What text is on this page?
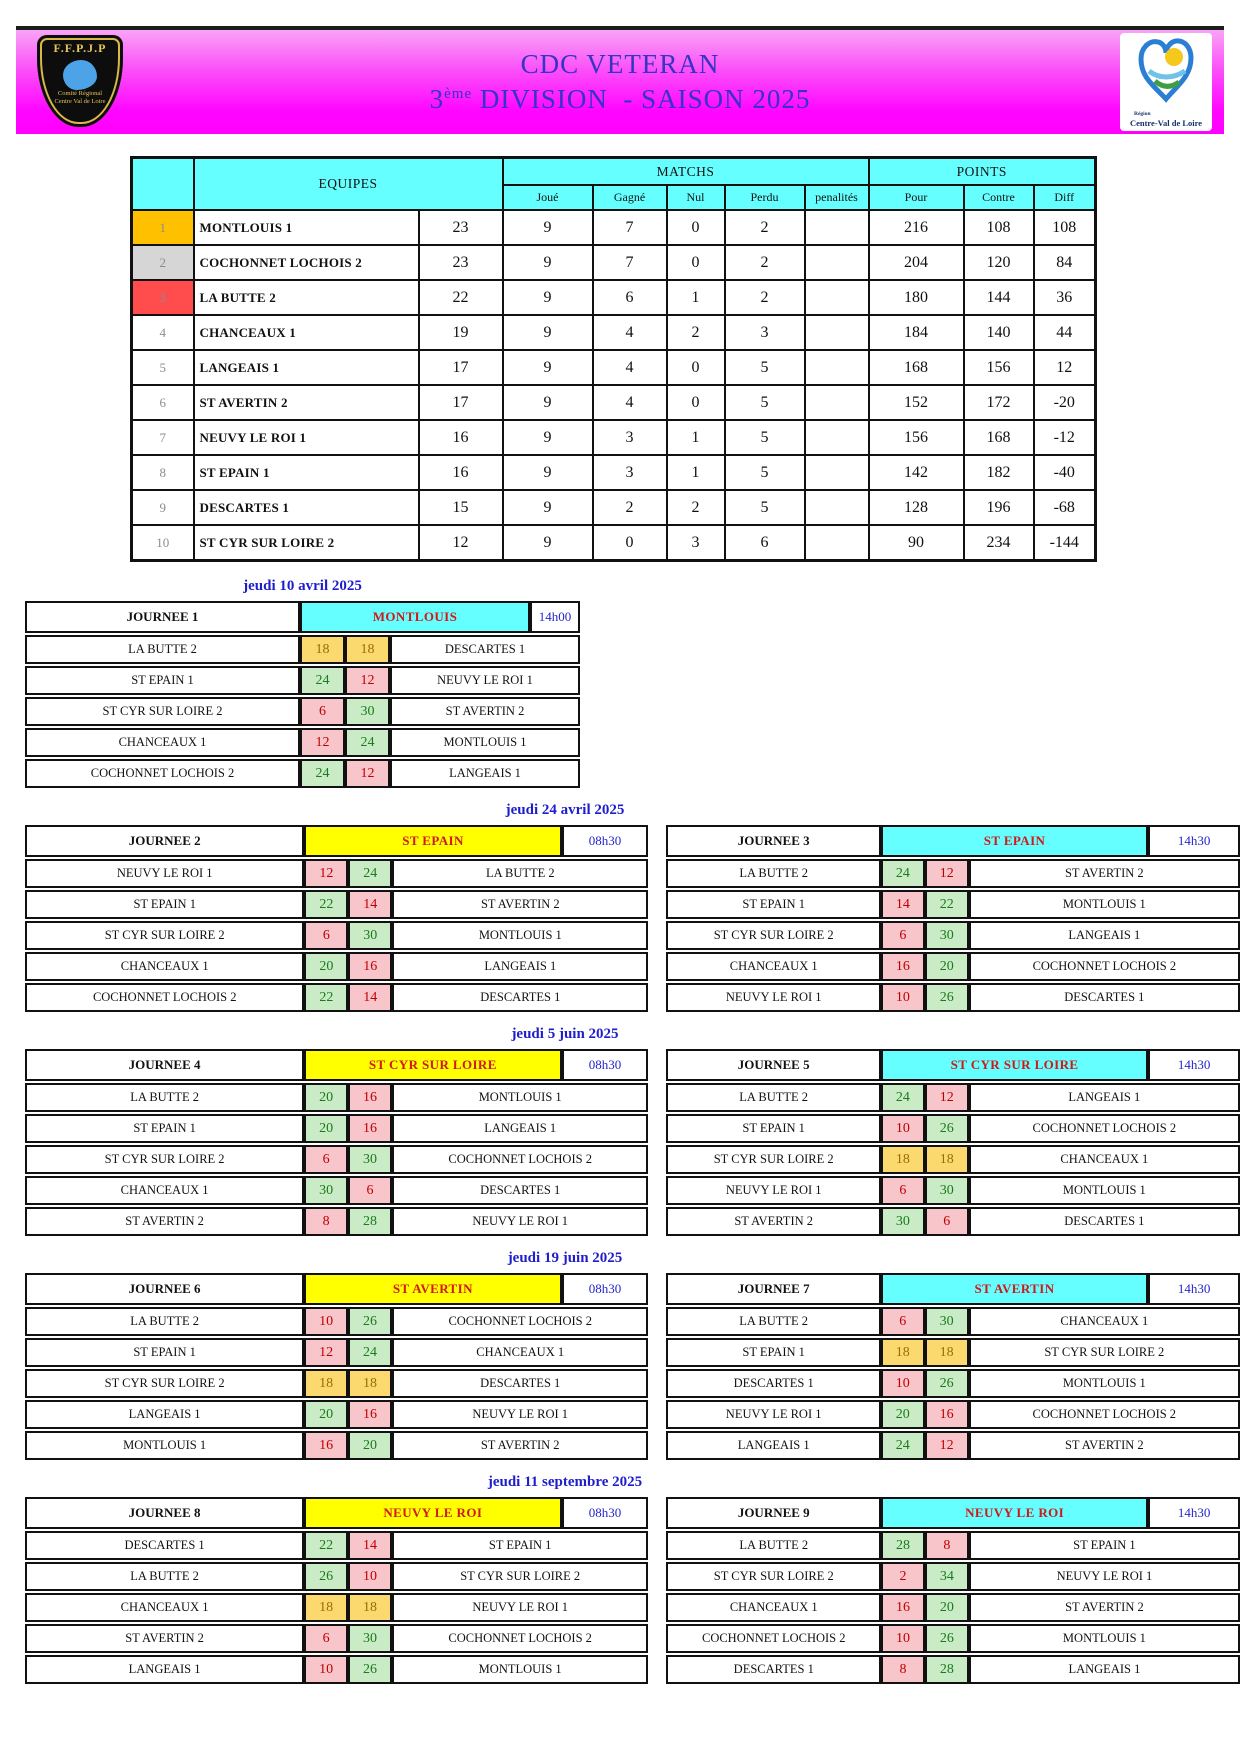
F.F.P.J.P
Comité Régional
Centre Val de Loire
CDC VETERAN
3ème DIVISION  - SAISON 2025	Région
Centre-Val de Loire
	EQUIPES		MATCHS					POINTS		
			Joué	Gagné	Nul	Perdu	penalités	Pour	Contre	Diff
1	MONTLOUIS 1	23	9	7	0	2		216	108	108
2	COCHONNET LOCHOIS 2	23	9	7	0	2		204	120	84
3	LA BUTTE 2	22	9	6	1	2		180	144	36
4	CHANCEAUX 1	19	9	4	2	3		184	140	44
5	LANGEAIS 1	17	9	4	0	5		168	156	12
6	ST AVERTIN 2	17	9	4	0	5		152	172	-20
7	NEUVY LE ROI 1	16	9	3	1	5		156	168	-12
8	ST EPAIN 1	16	9	3	1	5		142	182	-40
9	DESCARTES 1	15	9	2	2	5		128	196	-68
10	ST CYR SUR LOIRE 2	12	9	0	3	6		90	234	-144
jeudi 10 avril 2025
JOURNEE 1	MONTLOUIS			14h00
LA BUTTE 2	18	18	DESCARTES 1	
ST EPAIN 1	24	12	NEUVY LE ROI 1	
ST CYR SUR LOIRE 2	6	30	ST AVERTIN 2	
CHANCEAUX 1	12	24	MONTLOUIS 1	
COCHONNET LOCHOIS 2	24	12	LANGEAIS 1	
jeudi 24 avril 2025
JOURNEE 2	ST EPAIN			08h30
NEUVY LE ROI 1	12	24	LA BUTTE 2	
ST EPAIN 1	22	14	ST AVERTIN 2	
ST CYR SUR LOIRE 2	6	30	MONTLOUIS 1	
CHANCEAUX 1	20	16	LANGEAIS 1	
COCHONNET LOCHOIS 2	22	14	DESCARTES 1	
JOURNEE 3	ST EPAIN			14h30
LA BUTTE 2	24	12	ST AVERTIN 2	
ST EPAIN 1	14	22	MONTLOUIS 1	
ST CYR SUR LOIRE 2	6	30	LANGEAIS 1	
CHANCEAUX 1	16	20	COCHONNET LOCHOIS 2	
NEUVY LE ROI 1	10	26	DESCARTES 1	
jeudi 5 juin 2025
JOURNEE 4	ST CYR SUR LOIRE			08h30
LA BUTTE 2	20	16	MONTLOUIS 1	
ST EPAIN 1	20	16	LANGEAIS 1	
ST CYR SUR LOIRE 2	6	30	COCHONNET LOCHOIS 2	
CHANCEAUX 1	30	6	DESCARTES 1	
ST AVERTIN 2	8	28	NEUVY LE ROI 1	
JOURNEE 5	ST CYR SUR LOIRE			14h30
LA BUTTE 2	24	12	LANGEAIS 1	
ST EPAIN 1	10	26	COCHONNET LOCHOIS 2	
ST CYR SUR LOIRE 2	18	18	CHANCEAUX 1	
NEUVY LE ROI 1	6	30	MONTLOUIS 1	
ST AVERTIN 2	30	6	DESCARTES 1	
jeudi 19 juin 2025
JOURNEE 6	ST AVERTIN			08h30
LA BUTTE 2	10	26	COCHONNET LOCHOIS 2	
ST EPAIN 1	12	24	CHANCEAUX 1	
ST CYR SUR LOIRE 2	18	18	DESCARTES 1	
LANGEAIS 1	20	16	NEUVY LE ROI 1	
MONTLOUIS 1	16	20	ST AVERTIN 2	
JOURNEE 7	ST AVERTIN			14h30
LA BUTTE 2	6	30	CHANCEAUX 1	
ST EPAIN 1	18	18	ST CYR SUR LOIRE 2	
DESCARTES 1	10	26	MONTLOUIS 1	
NEUVY LE ROI 1	20	16	COCHONNET LOCHOIS 2	
LANGEAIS 1	24	12	ST AVERTIN 2	
jeudi 11 septembre 2025
JOURNEE 8	NEUVY LE ROI			08h30
DESCARTES 1	22	14	ST EPAIN 1	
LA BUTTE 2	26	10	ST CYR SUR LOIRE 2	
CHANCEAUX 1	18	18	NEUVY LE ROI 1	
ST AVERTIN 2	6	30	COCHONNET LOCHOIS 2	
LANGEAIS 1	10	26	MONTLOUIS 1	
JOURNEE 9	NEUVY LE ROI			14h30
LA BUTTE 2	28	8	ST EPAIN 1	
ST CYR SUR LOIRE 2	2	34	NEUVY LE ROI 1	
CHANCEAUX 1	16	20	ST AVERTIN 2	
COCHONNET LOCHOIS 2	10	26	MONTLOUIS 1	
DESCARTES 1	8	28	LANGEAIS 1	
